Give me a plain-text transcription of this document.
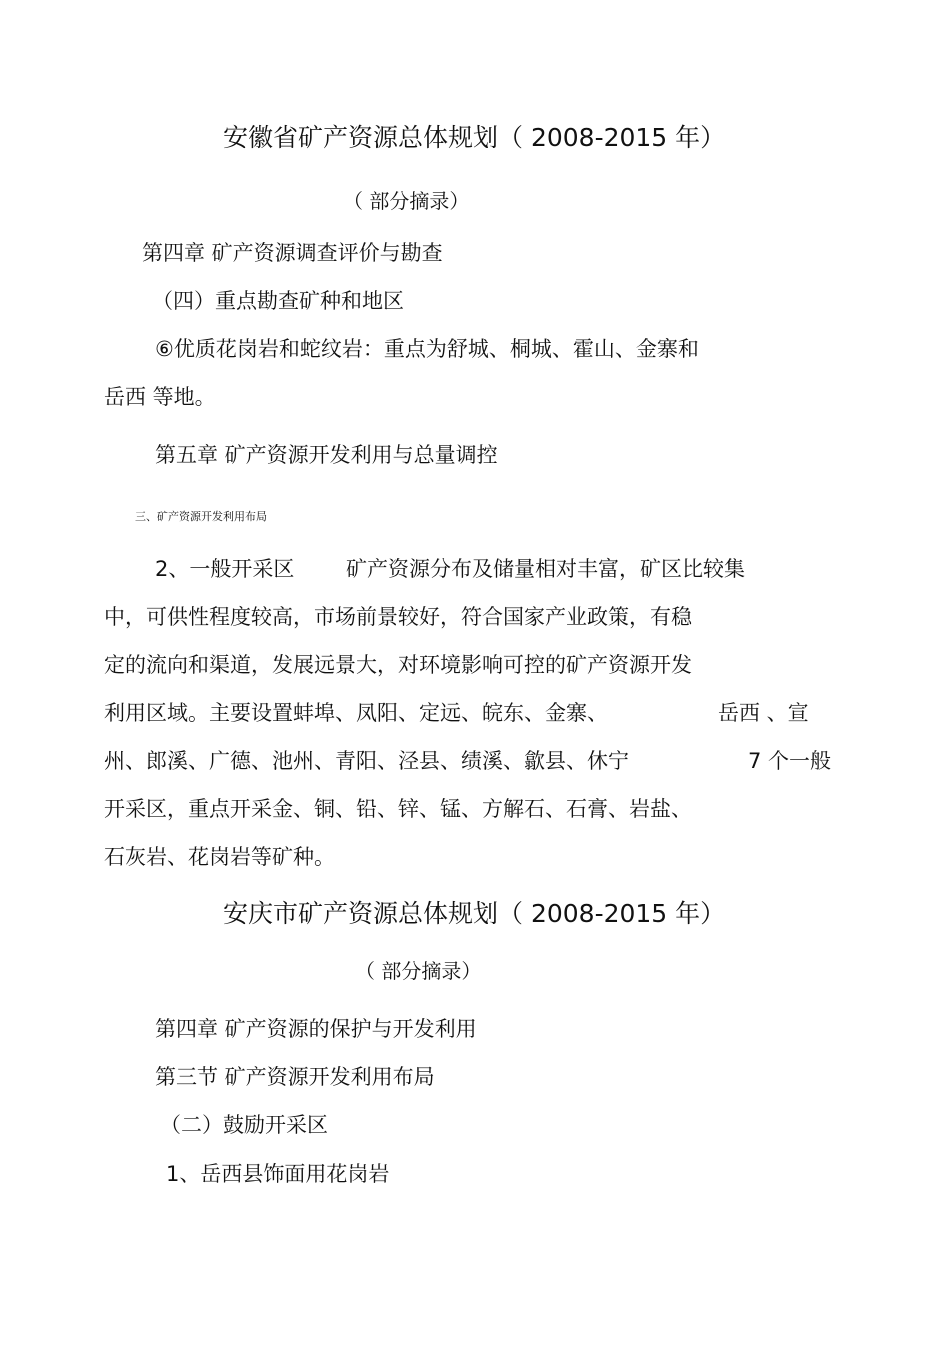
安徽省矿产资源总体规划（ 2008-2015 年）
（ 部分摘录）
第四章 矿产资源调查评价与勘查
（四）重点勘查矿种和地区
⑥优质花岗岩和蛇纹岩：重点为舒城、桐城、霍山、金寨和
岳西 等地。
第五章 矿产资源开发利用与总量调控
三、矿产资源开发利用布局
2、一般开采区 矿产资源分布及储量相对丰富，矿区比较集
中，可供性程度较高，市场前景较好，符合国家产业政策，有稳
定的流向和渠道，发展远景大，对环境影响可控的矿产资源开发
利用区域。主要设置蚌埠、凤阳、定远、皖东、金寨、	岳西 、宣
州、郎溪、广德、池州、青阳、泾县、绩溪、歙县、休宁	7 个一般
开采区，重点开采金、铜、铅、锌、锰、方解石、石膏、岩盐、
石灰岩、花岗岩等矿种。
安庆市矿产资源总体规划（ 2008-2015 年）
（ 部分摘录）
第四章 矿产资源的保护与开发利用
第三节 矿产资源开发利用布局
（二）鼓励开采区
1、岳西县饰面用花岗岩
